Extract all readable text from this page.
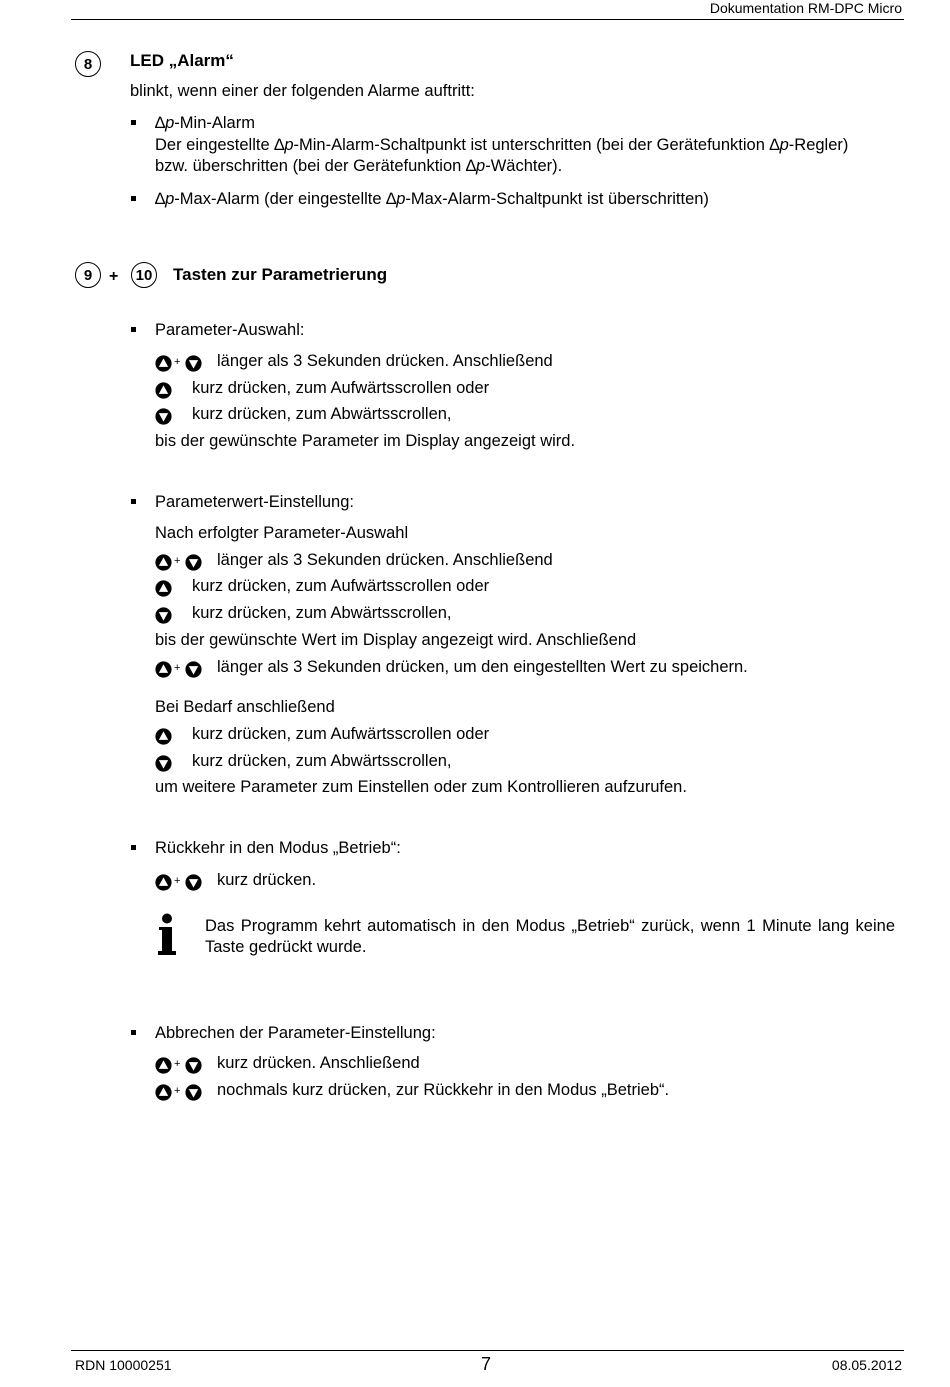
Dokumentation RM-DPC Micro
8	LED „Alarm“
blinkt, wenn einer der folgenden Alarme auftritt:
∆p-Min-Alarm
Der eingestellte ∆p-Min-Alarm-Schaltpunkt ist unterschritten (bei der Gerätefunktion ∆p-Regler)
bzw. überschritten (bei der Gerätefunktion ∆p-Wächter).
∆p-Max-Alarm (der eingestellte ∆p-Max-Alarm-Schaltpunkt ist überschritten)
9	+	10 Tasten zur Parametrierung
Parameter-Auswahl:
+ länger als 3 Sekunden drücken. Anschließend
kurz drücken, zum Aufwärtsscrollen oder
kurz drücken, zum Abwärtsscrollen,
bis der gewünschte Parameter im Display angezeigt wird.
Parameterwert-Einstellung:
Nach erfolgter Parameter-Auswahl
+ länger als 3 Sekunden drücken. Anschließend
kurz drücken, zum Aufwärtsscrollen oder
kurz drücken, zum Abwärtsscrollen,
bis der gewünschte Wert im Display angezeigt wird. Anschließend
+ länger als 3 Sekunden drücken, um den eingestellten Wert zu speichern.
Bei Bedarf anschließend
kurz drücken, zum Aufwärtsscrollen oder
kurz drücken, zum Abwärtsscrollen,
um weitere Parameter zum Einstellen oder zum Kontrollieren aufzurufen.
Rückkehr in den Modus „Betrieb“:
+ kurz drücken.
Das Programm kehrt automatisch in den Modus „Betrieb“ zurück, wenn 1 Minute lang keine Taste gedrückt wurde.
Abbrechen der Parameter-Einstellung:
+ kurz drücken. Anschließend
+ nochmals kurz drücken, zur Rückkehr in den Modus „Betrieb“.
RDN 10000251	7	08.05.2012
